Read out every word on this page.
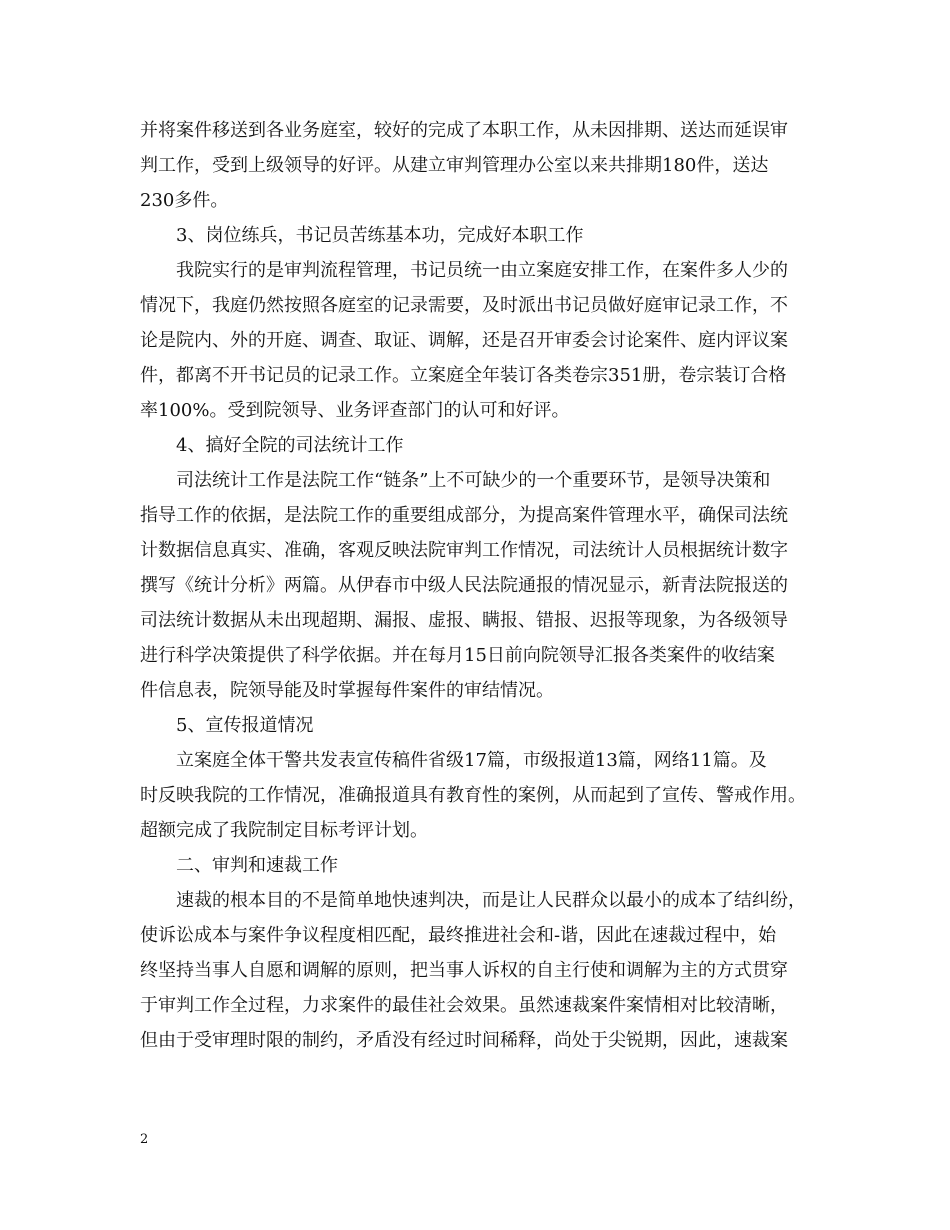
并将案件移送到各业务庭室，较好的完成了本职工作，从未因排期、送达而延误审
判工作，受到上级领导的好评。从建立审判管理办公室以来共排期180件，送达
230多件。
3、岗位练兵，书记员苦练基本功，完成好本职工作
我院实行的是审判流程管理，书记员统一由立案庭安排工作，在案件多人少的
情况下，我庭仍然按照各庭室的记录需要，及时派出书记员做好庭审记录工作，不
论是院内、外的开庭、调查、取证、调解，还是召开审委会讨论案件、庭内评议案
件，都离不开书记员的记录工作。立案庭全年装订各类卷宗351册，卷宗装订合格
率100%。受到院领导、业务评查部门的认可和好评。
4、搞好全院的司法统计工作
司法统计工作是法院工作“链条”上不可缺少的一个重要环节，是领导决策和
指导工作的依据，是法院工作的重要组成部分，为提高案件管理水平，确保司法统
计数据信息真实、准确，客观反映法院审判工作情况，司法统计人员根据统计数字
撰写《统计分析》两篇。从伊春市中级人民法院通报的情况显示，新青法院报送的
司法统计数据从未出现超期、漏报、虚报、瞒报、错报、迟报等现象，为各级领导
进行科学决策提供了科学依据。并在每月15日前向院领导汇报各类案件的收结案
件信息表，院领导能及时掌握每件案件的审结情况。
5、宣传报道情况
立案庭全体干警共发表宣传稿件省级17篇，市级报道13篇，网络11篇。及
时反映我院的工作情况，准确报道具有教育性的案例，从而起到了宣传、警戒作用。
超额完成了我院制定目标考评计划。
二、审判和速裁工作
速裁的根本目的不是简单地快速判决，而是让人民群众以最小的成本了结纠纷，
使诉讼成本与案件争议程度相匹配，最终推进社会和-谐，因此在速裁过程中，始
终坚持当事人自愿和调解的原则，把当事人诉权的自主行使和调解为主的方式贯穿
于审判工作全过程，力求案件的最佳社会效果。虽然速裁案件案情相对比较清晰，
但由于受审理时限的制约，矛盾没有经过时间稀释，尚处于尖锐期，因此，速裁案
2
